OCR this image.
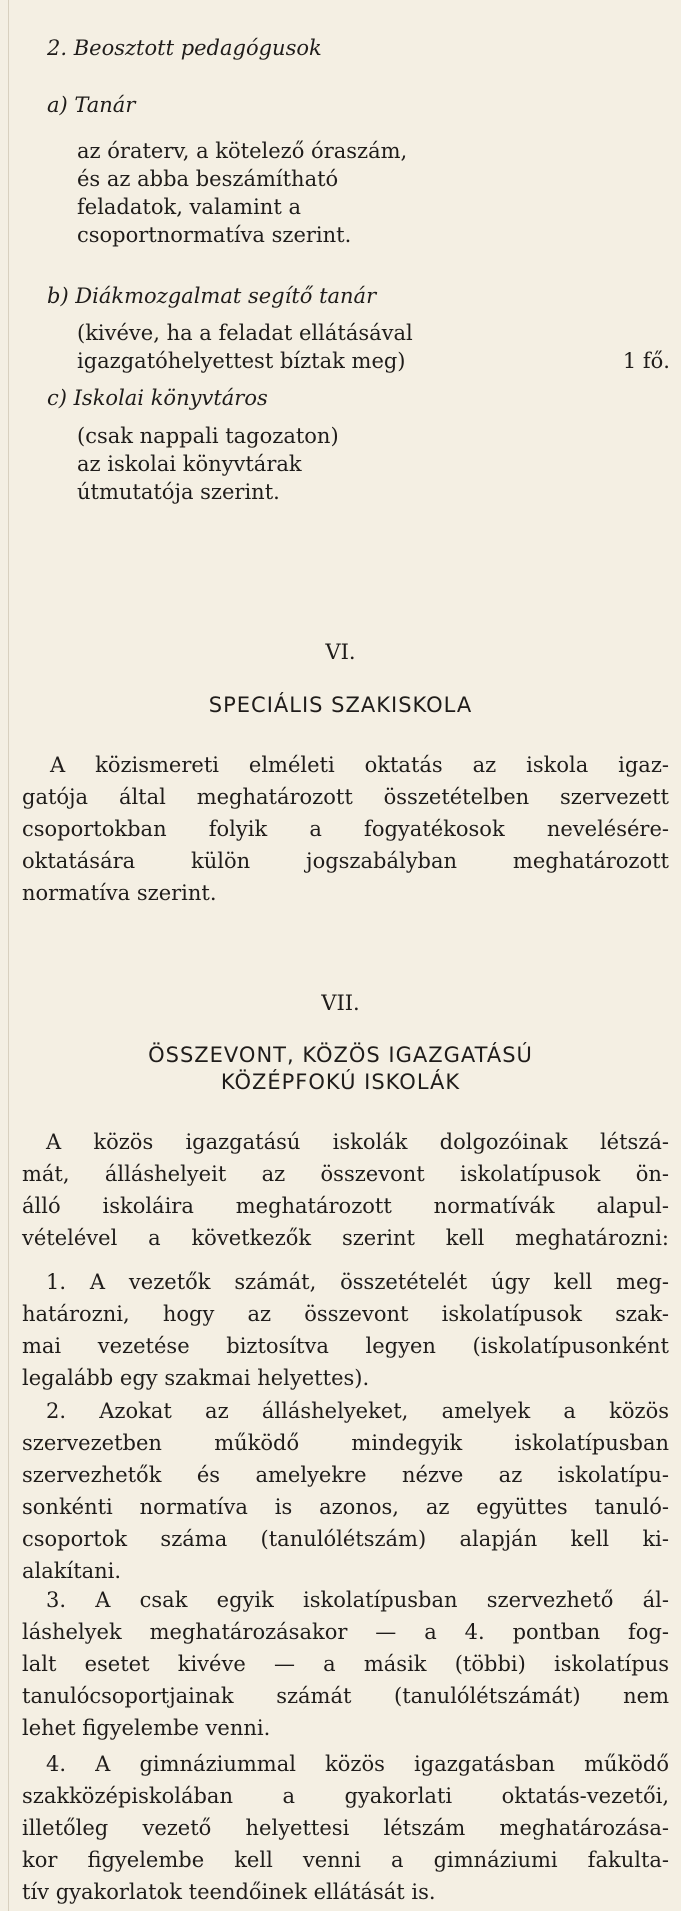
2. Beosztott pedagógusok
a) Tanár
az óraterv, a kötelező óraszám,
és az abba beszámítható
feladatok, valamint a
csoportnormatíva szerint.
b) Diákmozgalmat segítő tanár
(kivéve, ha a feladat ellátásával
igazgatóhelyettest bíztak meg)	1 fő.
c) Iskolai könyvtáros
(csak nappali tagozaton)
az iskolai könyvtárak
útmutatója szerint.
VI.
SPECIÁLIS SZAKISKOLA
A közismereti elméleti oktatás az iskola igaz-
gatója által meghatározott összetételben szervezett
csoportokban folyik a fogyatékosok nevelésére-
oktatására külön jogszabályban meghatározott
normatíva szerint.
VII.
ÖSSZEVONT, KÖZÖS IGAZGATÁSÚ
KÖZÉPFOKÚ ISKOLÁK
A közös igazgatású iskolák dolgozóinak létszá-
mát, álláshelyeit az összevont iskolatípusok ön-
álló iskoláira meghatározott normatívák alapul-
vételével a következők szerint kell meghatározni:
1. A vezetők számát, összetételét úgy kell meg-
határozni, hogy az összevont iskolatípusok szak-
mai vezetése biztosítva legyen (iskolatípusonként
legalább egy szakmai helyettes).
2. Azokat az álláshelyeket, amelyek a közös
szervezetben működő mindegyik iskolatípusban
szervezhetők és amelyekre nézve az iskolatípu-
sonkénti normatíva is azonos, az együttes tanuló-
csoportok száma (tanulólétszám) alapján kell ki-
alakítani.
3. A csak egyik iskolatípusban szervezhető ál-
láshelyek meghatározásakor — a 4. pontban fog-
lalt esetet kivéve — a másik (többi) iskolatípus
tanulócsoportjainak számát (tanulólétszámát) nem
lehet figyelembe venni.
4. A gimnáziummal közös igazgatásban működő
szakközépiskolában a gyakorlati oktatás-vezetői,
illetőleg vezető helyettesi létszám meghatározása-
kor figyelembe kell venni a gimnáziumi fakulta-
tív gyakorlatok teendőinek ellátását is.
